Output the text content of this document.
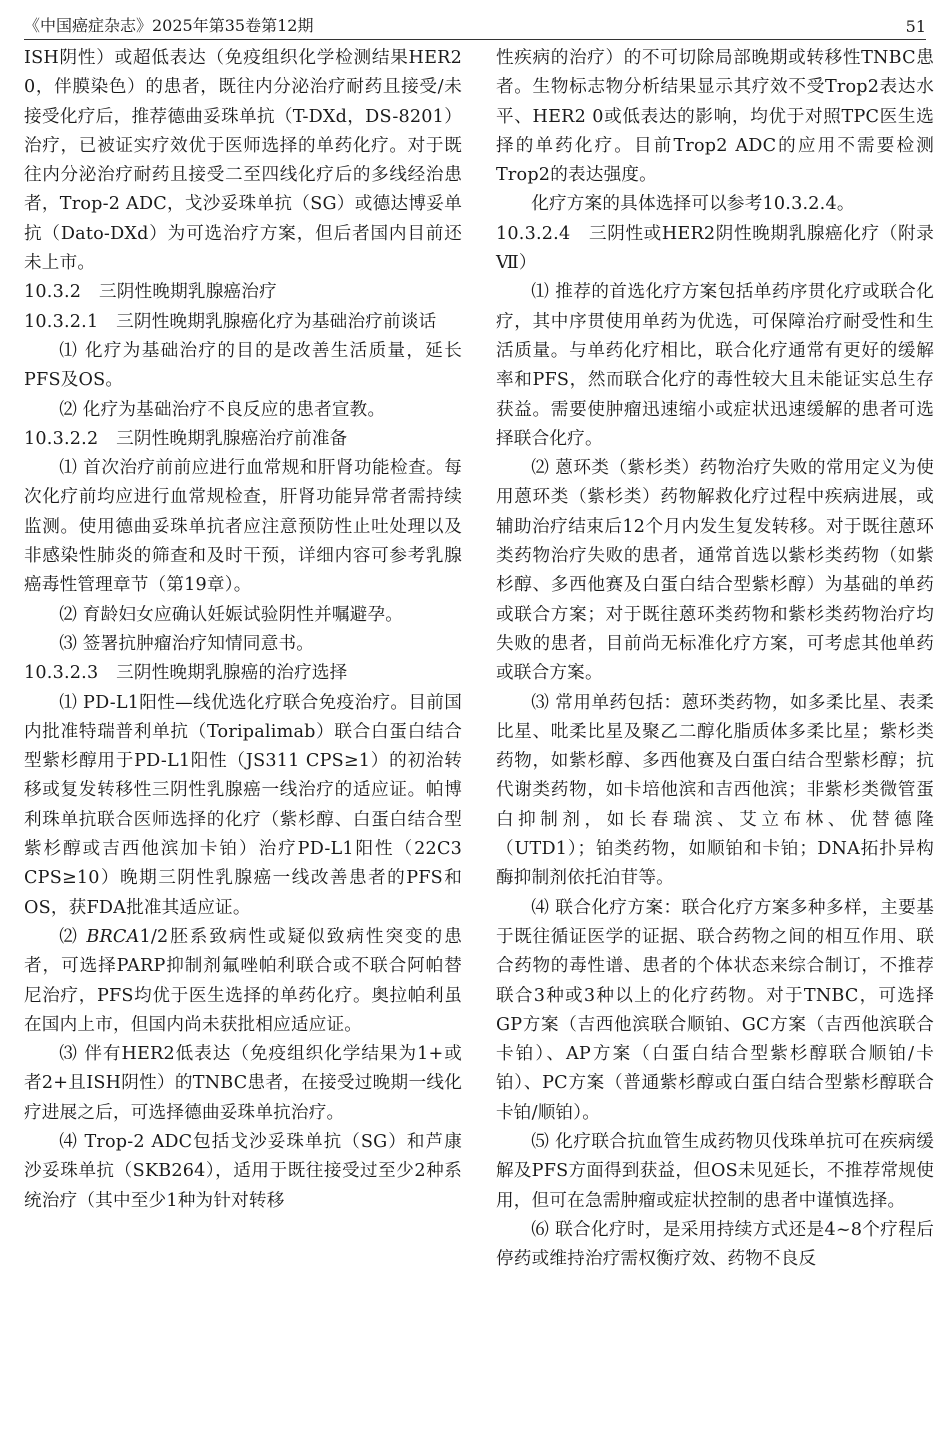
《中国癌症杂志》2025年第35卷第12期	51

ISH阴性）或超低表达（免疫组织化学检测结果HER2 0，伴膜染色）的患者，既往内分泌治疗耐药且接受/未接受化疗后，推荐德曲妥珠单抗（T-DXd，DS-8201）治疗，已被证实疗效优于医师选择的单药化疗。对于既往内分泌治疗耐药且接受二至四线化疗后的多线经治患者，Trop-2 ADC，戈沙妥珠单抗（SG）或德达博妥单抗（Dato-DXd）为可选治疗方案，但后者国内目前还未上市。

10.3.2　三阴性晚期乳腺癌治疗

10.3.2.1　三阴性晚期乳腺癌化疗为基础治疗前谈话

⑴ 化疗为基础治疗的目的是改善生活质量，延长PFS及OS。

⑵ 化疗为基础治疗不良反应的患者宣教。

10.3.2.2　三阴性晚期乳腺癌治疗前准备

⑴ 首次治疗前前应进行血常规和肝肾功能检查。每次化疗前均应进行血常规检查，肝肾功能异常者需持续监测。使用德曲妥珠单抗者应注意预防性止吐处理以及非感染性肺炎的筛查和及时干预，详细内容可参考乳腺癌毒性管理章节（第19章）。

⑵ 育龄妇女应确认妊娠试验阴性并嘱避孕。

⑶ 签署抗肿瘤治疗知情同意书。

10.3.2.3　三阴性晚期乳腺癌的治疗选择

⑴ PD-L1阳性—线优选化疗联合免疫治疗。目前国内批准特瑞普利单抗（Toripalimab）联合白蛋白结合型紫杉醇用于PD-L1阳性（JS311 CPS≥1）的初治转移或复发转移性三阴性乳腺癌一线治疗的适应证。帕博利珠单抗联合医师选择的化疗（紫杉醇、白蛋白结合型紫杉醇或吉西他滨加卡铂）治疗PD-L1阳性（22C3 CPS≥10）晚期三阴性乳腺癌一线改善患者的PFS和OS，获FDA批准其适应证。

⑵ BRCA1/2胚系致病性或疑似致病性突变的患者，可选择PARP抑制剂氟唑帕利联合或不联合阿帕替尼治疗，PFS均优于医生选择的单药化疗。奥拉帕利虽在国内上市，但国内尚未获批相应适应证。

⑶ 伴有HER2低表达（免疫组织化学结果为1+或者2+且ISH阴性）的TNBC患者，在接受过晚期一线化疗进展之后，可选择德曲妥珠单抗治疗。

⑷ Trop-2 ADC包括戈沙妥珠单抗（SG）和芦康沙妥珠单抗（SKB264），适用于既往接受过至少2种系统治疗（其中至少1种为针对转移

性疾病的治疗）的不可切除局部晚期或转移性TNBC患者。生物标志物分析结果显示其疗效不受Trop2表达水平、HER2 0或低表达的影响，均优于对照TPC医生选择的单药化疗。目前Trop2 ADC的应用不需要检测Trop2的表达强度。

化疗方案的具体选择可以参考10.3.2.4。

10.3.2.4　三阴性或HER2阴性晚期乳腺癌化疗（附录Ⅶ）

⑴ 推荐的首选化疗方案包括单药序贯化疗或联合化疗，其中序贯使用单药为优选，可保障治疗耐受性和生活质量。与单药化疗相比，联合化疗通常有更好的缓解率和PFS，然而联合化疗的毒性较大且未能证实总生存获益。需要使肿瘤迅速缩小或症状迅速缓解的患者可选择联合化疗。

⑵ 蒽环类（紫杉类）药物治疗失败的常用定义为使用蒽环类（紫杉类）药物解救化疗过程中疾病进展，或辅助治疗结束后12个月内发生复发转移。对于既往蒽环类药物治疗失败的患者，通常首选以紫杉类药物（如紫杉醇、多西他赛及白蛋白结合型紫杉醇）为基础的单药或联合方案；对于既往蒽环类药物和紫杉类药物治疗均失败的患者，目前尚无标准化疗方案，可考虑其他单药或联合方案。

⑶ 常用单药包括：蒽环类药物，如多柔比星、表柔比星、吡柔比星及聚乙二醇化脂质体多柔比星；紫杉类药物，如紫杉醇、多西他赛及白蛋白结合型紫杉醇；抗代谢类药物，如卡培他滨和吉西他滨；非紫杉类微管蛋白抑制剂，如长春瑞滨、艾立布林、优替德隆（UTD1）；铂类药物，如顺铂和卡铂；DNA拓扑异构酶抑制剂依托泊苷等。

⑷ 联合化疗方案：联合化疗方案多种多样，主要基于既往循证医学的证据、联合药物之间的相互作用、联合药物的毒性谱、患者的个体状态来综合制订，不推荐联合3种或3种以上的化疗药物。对于TNBC，可选择GP方案（吉西他滨联合顺铂、GC方案（吉西他滨联合卡铂）、AP方案（白蛋白结合型紫杉醇联合顺铂/卡铂）、PC方案（普通紫杉醇或白蛋白结合型紫杉醇联合卡铂/顺铂）。

⑸ 化疗联合抗血管生成药物贝伐珠单抗可在疾病缓解及PFS方面得到获益，但OS未见延长，不推荐常规使用，但可在急需肿瘤或症状控制的患者中谨慎选择。

⑹ 联合化疗时，是采用持续方式还是4~8个疗程后停药或维持治疗需权衡疗效、药物不良反
